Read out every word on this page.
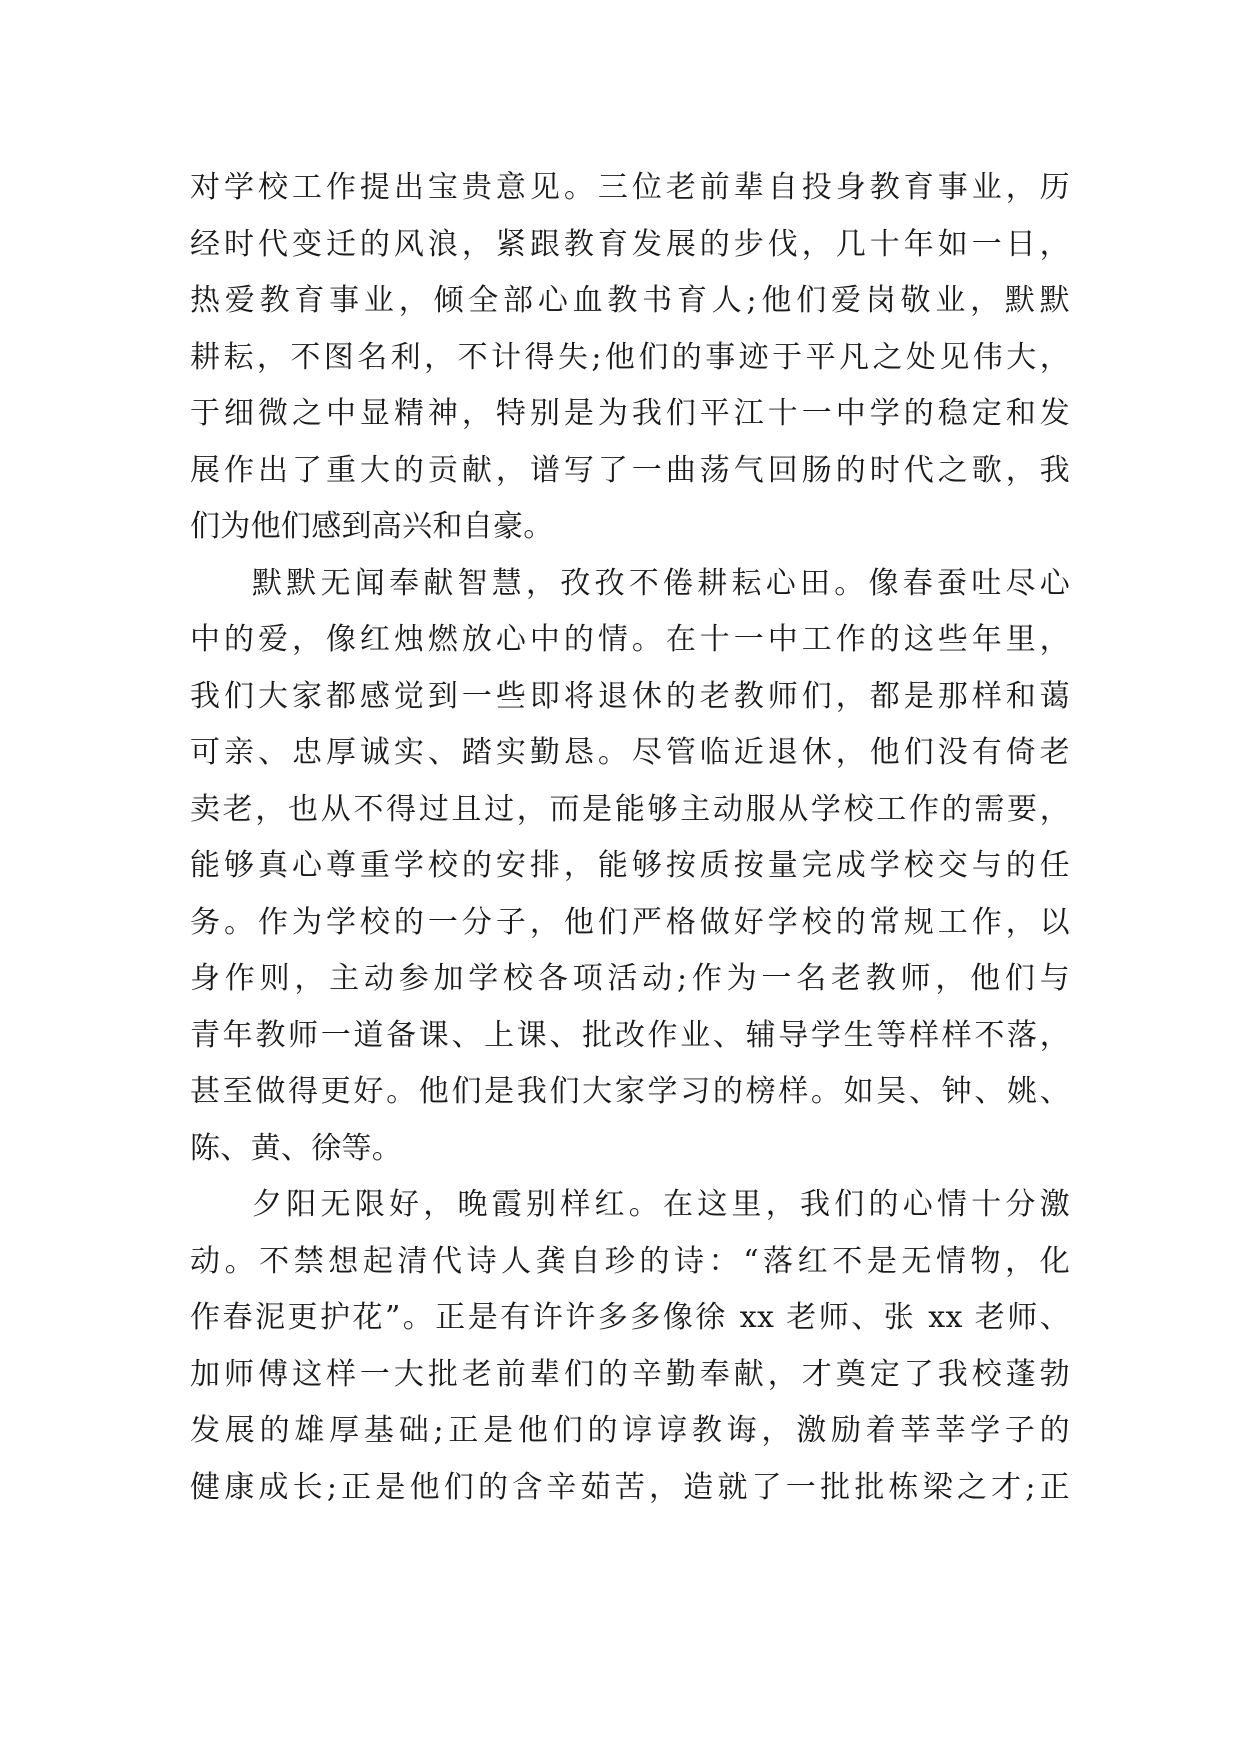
对学校工作提出宝贵意见。三位老前辈自投身教育事业，历
经时代变迁的风浪，紧跟教育发展的步伐，几十年如一日，
热爱教育事业，倾全部心血教书育人;他们爱岗敬业，默默
耕耘，不图名利，不计得失;他们的事迹于平凡之处见伟大，
于细微之中显精神，特别是为我们平江十一中学的稳定和发
展作出了重大的贡献，谱写了一曲荡气回肠的时代之歌，我
们为他们感到高兴和自豪。
默默无闻奉献智慧，孜孜不倦耕耘心田。像春蚕吐尽心
中的爱，像红烛燃放心中的情。在十一中工作的这些年里，
我们大家都感觉到一些即将退休的老教师们，都是那样和蔼
可亲、忠厚诚实、踏实勤恳。尽管临近退休，他们没有倚老
卖老，也从不得过且过，而是能够主动服从学校工作的需要，
能够真心尊重学校的安排，能够按质按量完成学校交与的任
务。作为学校的一分子，他们严格做好学校的常规工作，以
身作则，主动参加学校各项活动;作为一名老教师，他们与
青年教师一道备课、上课、批改作业、辅导学生等样样不落，
甚至做得更好。他们是我们大家学习的榜样。如吴、钟、姚、
陈、黄、徐等。
夕阳无限好，晚霞别样红。在这里，我们的心情十分激
动。不禁想起清代诗人龚自珍的诗：“落红不是无情物，化
作春泥更护花”。正是有许许多多像徐 xx 老师、张 xx 老师、
加师傅这样一大批老前辈们的辛勤奉献，才奠定了我校蓬勃
发展的雄厚基础;正是他们的谆谆教诲，激励着莘莘学子的
健康成长;正是他们的含辛茹苦，造就了一批批栋梁之才;正
